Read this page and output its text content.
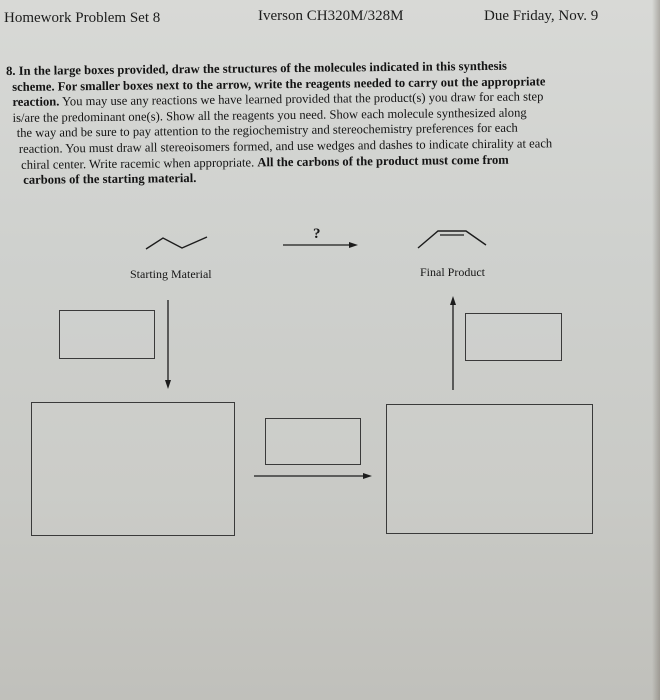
Homework Problem Set 8	Iverson CH320M/328M	Due Friday, Nov. 9
8. In the large boxes provided, draw the structures of the molecules indicated in this synthesis
scheme. For smaller boxes next to the arrow, write the reagents needed to carry out the appropriate
reaction. You may use any reactions we have learned provided that the product(s) you draw for each step
is/are the predominant one(s). Show all the reagents you need. Show each molecule synthesized along
the way and be sure to pay attention to the regiochemistry and stereochemistry preferences for each
reaction. You must draw all stereoisomers formed, and use wedges and dashes to indicate chirality at each
chiral center. Write racemic when appropriate. All the carbons of the product must come from
carbons of the starting material.
?
Starting Material	Final Product
